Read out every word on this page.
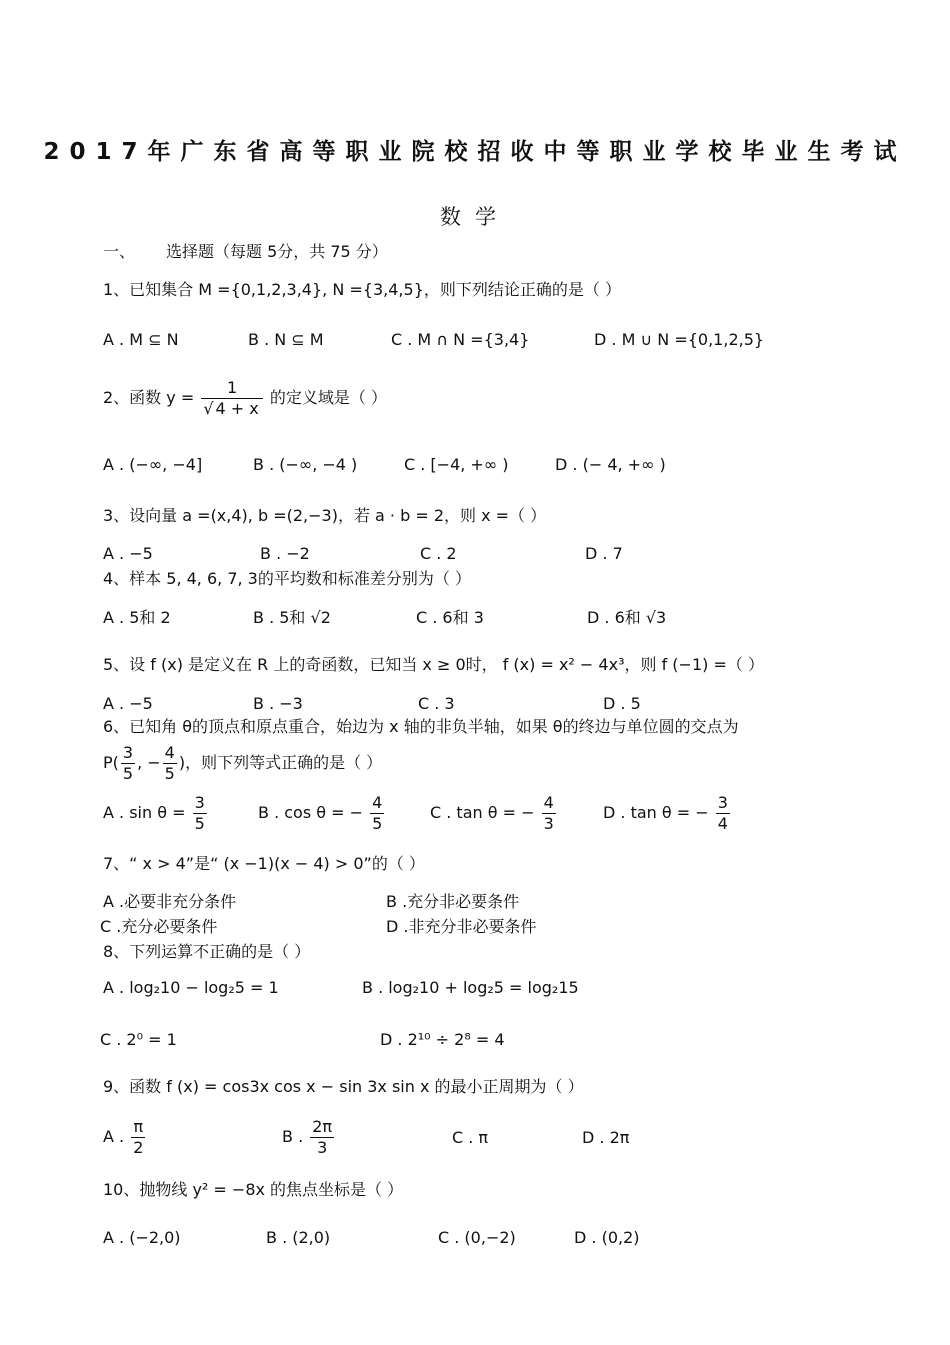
2017年广东省高等职业院校招收中等职业学校毕业生考试
数学
一、 选择题（每题 5分，共 75 分）
1、已知集合 M ={0,1,2,3,4}, N ={3,4,5}，则下列结论正确的是（ ）
A . M ⊆ N	B . N ⊆ M	C . M ∩ N ={3,4}	D . M ∪ N ={0,1,2,5}
2、函数 $y = \frac{1}{√ 4 + x}$ 的定义域是（ ）
A . (−∞, −4]	B . (−∞, −4 )	C . [−4, +∞ )	D . (− 4, +∞ )
3、设向量 a =(x,4), b =(2,−3)，若 a · b = 2，则 x =（ ）
A . −5	B . −2	C . 2	D . 7
4、样本 5, 4, 6, 7, 3的平均数和标准差分别为（ ）
A . 5和 2	B . 5和 √2	C . 6和 3	D . 6和 √3
5、设 f (x) 是定义在 R 上的奇函数，已知当 x ≥ 0时， f (x) = x² − 4x³，则 f (−1) =（ ）
A . −5	B . −3	C . 3	D . 5
6、已知角 θ的顶点和原点重合，始边为 x 轴的非负半轴，如果 θ的终边与单位圆的交点为
$P( \frac{3}{5}$ , − $\frac{4}{5}$ )，则下列等式正确的是（ ）
A . $\sin \theta = \frac{3}{5}$	B . cos θ = − $\frac{4}{5}$	C . tan θ = − $\frac{4}{3}$	D . tan θ = − $\frac{3}{4}$
7、“ x > 4”是“ (x −1)(x − 4) > 0”的（ ）
A .必要非充分条件	B .充分非必要条件
C .充分必要条件	D .非充分非必要条件
8、下列运算不正确的是（ ）
A . log₂10 − log₂5 = 1	B . log₂10 + log₂5 = log₂15
C . 2⁰ = 1	D . 2¹⁰ ÷ 2⁸ = 4
9、函数 f (x) = cos3x cos x − sin 3x sin x 的最小正周期为（ ）
A . $\frac{\pi}{2}$	B . $\frac{2\pi}{3}$	C . π	D . 2π
10、抛物线 y² = −8x 的焦点坐标是（ ）
A . (−2,0)	B . (2,0)	C . (0,−2)	D . (0,2)
